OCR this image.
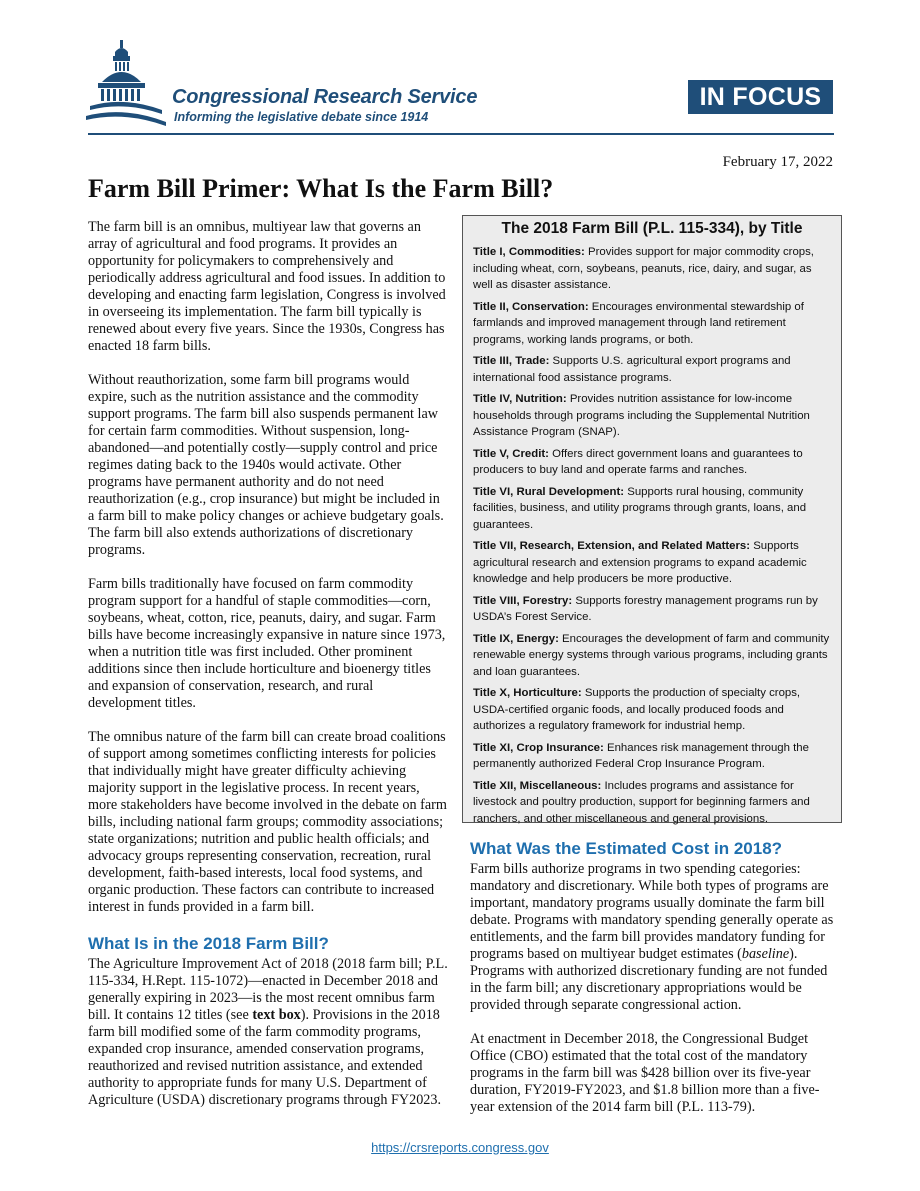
Congressional Research Service
Informing the legislative debate since 1914
IN FOCUS
February 17, 2022
Farm Bill Primer: What Is the Farm Bill?

The farm bill is an omnibus, multiyear law that governs an array of agricultural and food programs. It provides an opportunity for policymakers to comprehensively and periodically address agricultural and food issues. In addition to developing and enacting farm legislation, Congress is involved in overseeing its implementation. The farm bill typically is renewed about every five years. Since the 1930s, Congress has enacted 18 farm bills.

Without reauthorization, some farm bill programs would expire, such as the nutrition assistance and the commodity support programs. The farm bill also suspends permanent law for certain farm commodities. Without suspension, long-abandoned—and potentially costly—supply control and price regimes dating back to the 1940s would activate. Other programs have permanent authority and do not need reauthorization (e.g., crop insurance) but might be included in a farm bill to make policy changes or achieve budgetary goals. The farm bill also extends authorizations of discretionary programs.

Farm bills traditionally have focused on farm commodity program support for a handful of staple commodities—corn, soybeans, wheat, cotton, rice, peanuts, dairy, and sugar. Farm bills have become increasingly expansive in nature since 1973, when a nutrition title was first included. Other prominent additions since then include horticulture and bioenergy titles and expansion of conservation, research, and rural development titles.

The omnibus nature of the farm bill can create broad coalitions of support among sometimes conflicting interests for policies that individually might have greater difficulty achieving majority support in the legislative process. In recent years, more stakeholders have become involved in the debate on farm bills, including national farm groups; commodity associations; state organizations; nutrition and public health officials; and advocacy groups representing conservation, recreation, rural development, faith-based interests, local food systems, and organic production. These factors can contribute to increased interest in funds provided in a farm bill.

What Is in the 2018 Farm Bill?

The Agriculture Improvement Act of 2018 (2018 farm bill; P.L. 115-334, H.Rept. 115-1072)—enacted in December 2018 and generally expiring in 2023—is the most recent omnibus farm bill. It contains 12 titles (see text box). Provisions in the 2018 farm bill modified some of the farm commodity programs, expanded crop insurance, amended conservation programs, reauthorized and revised nutrition assistance, and extended authority to appropriate funds for many U.S. Department of Agriculture (USDA) discretionary programs through FY2023.

The 2018 Farm Bill (P.L. 115-334), by Title

Title I, Commodities: Provides support for major commodity crops, including wheat, corn, soybeans, peanuts, rice, dairy, and sugar, as well as disaster assistance.

Title II, Conservation: Encourages environmental stewardship of farmlands and improved management through land retirement programs, working lands programs, or both.

Title III, Trade: Supports U.S. agricultural export programs and international food assistance programs.

Title IV, Nutrition: Provides nutrition assistance for low-income households through programs including the Supplemental Nutrition Assistance Program (SNAP).

Title V, Credit: Offers direct government loans and guarantees to producers to buy land and operate farms and ranches.

Title VI, Rural Development: Supports rural housing, community facilities, business, and utility programs through grants, loans, and guarantees.

Title VII, Research, Extension, and Related Matters: Supports agricultural research and extension programs to expand academic knowledge and help producers be more productive.

Title VIII, Forestry: Supports forestry management programs run by USDA’s Forest Service.

Title IX, Energy: Encourages the development of farm and community renewable energy systems through various programs, including grants and loan guarantees.

Title X, Horticulture: Supports the production of specialty crops, USDA-certified organic foods, and locally produced foods and authorizes a regulatory framework for industrial hemp.

Title XI, Crop Insurance: Enhances risk management through the permanently authorized Federal Crop Insurance Program.

Title XII, Miscellaneous: Includes programs and assistance for livestock and poultry production, support for beginning farmers and ranchers, and other miscellaneous and general provisions.

What Was the Estimated Cost in 2018?

Farm bills authorize programs in two spending categories: mandatory and discretionary. While both types of programs are important, mandatory programs usually dominate the farm bill debate. Programs with mandatory spending generally operate as entitlements, and the farm bill provides mandatory funding for programs based on multiyear budget estimates (baseline). Programs with authorized discretionary funding are not funded in the farm bill; any discretionary appropriations would be provided through separate congressional action.

At enactment in December 2018, the Congressional Budget Office (CBO) estimated that the total cost of the mandatory programs in the farm bill was $428 billion over its five-year duration, FY2019-FY2023, and $1.8 billion more than a five-year extension of the 2014 farm bill (P.L. 113-79).

https://crsreports.congress.gov
